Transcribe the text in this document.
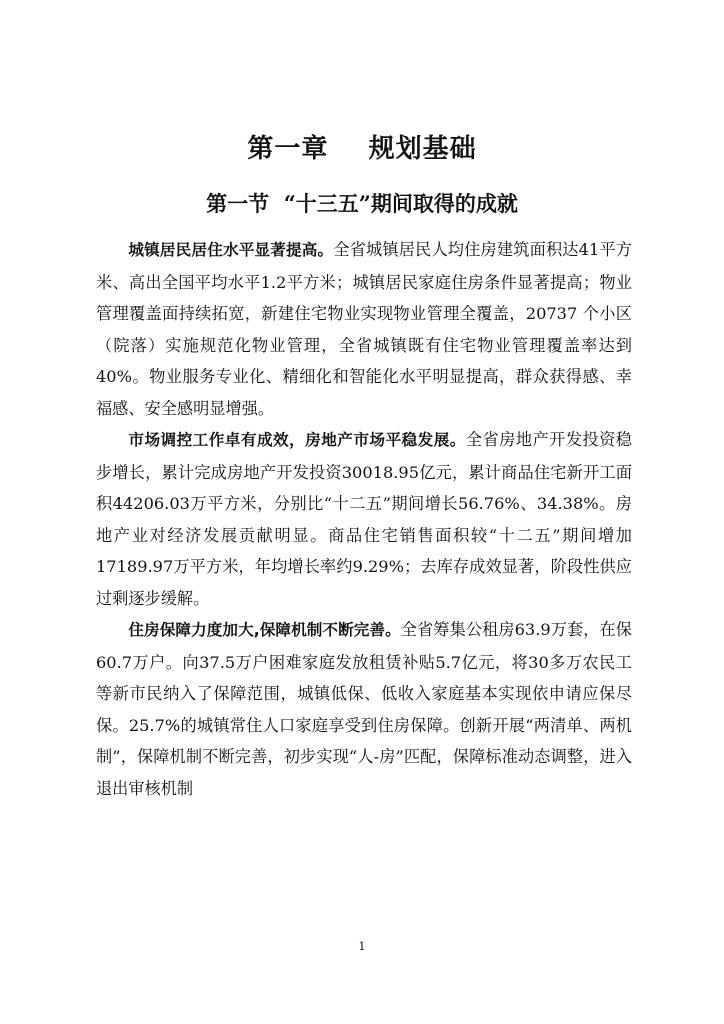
第一章    规划基础
第一节  “十三五”期间取得的成就

城镇居民居住水平显著提高。全省城镇居民人均住房建筑面积达41平方米、高出全国平均水平1.2平方米；城镇居民家庭住房条件显著提高；物业管理覆盖面持续拓宽，新建住宅物业实现物业管理全覆盖，20737 个小区（院落）实施规范化物业管理，全省城镇既有住宅物业管理覆盖率达到40%。物业服务专业化、精细化和智能化水平明显提高，群众获得感、幸福感、安全感明显增强。

市场调控工作卓有成效，房地产市场平稳发展。全省房地产开发投资稳步增长，累计完成房地产开发投资30018.95亿元，累计商品住宅新开工面积44206.03万平方米，分别比“十二五”期间增长56.76%、34.38%。房地产业对经济发展贡献明显。商品住宅销售面积较“十二五”期间增加17189.97万平方米，年均增长率约9.29%；去库存成效显著，阶段性供应过剩逐步缓解。

住房保障力度加大,保障机制不断完善。全省筹集公租房63.9万套，在保60.7万户。向37.5万户困难家庭发放租赁补贴5.7亿元，将30多万农民工等新市民纳入了保障范围，城镇低保、低收入家庭基本实现依申请应保尽保。25.7%的城镇常住人口家庭享受到住房保障。创新开展“两清单、两机制”，保障机制不断完善，初步实现“人-房”匹配，保障标准动态调整，进入退出审核机制

1
